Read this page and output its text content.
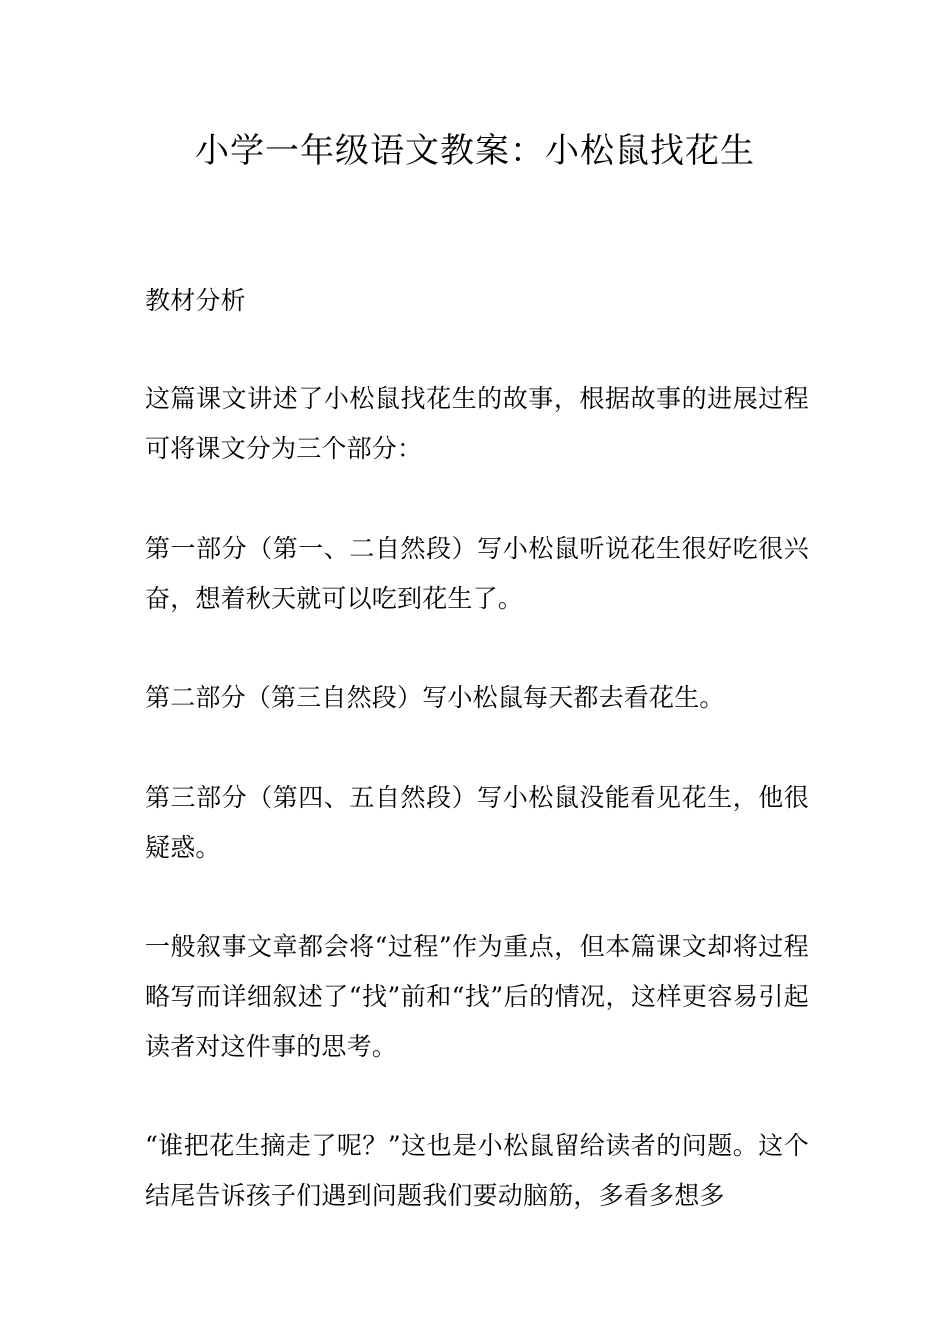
小学一年级语文教案：小松鼠找花生

教材分析

这篇课文讲述了小松鼠找花生的故事，根据故事的进展过程可将课文分为三个部分：

第一部分（第一、二自然段）写小松鼠听说花生很好吃很兴奋，想着秋天就可以吃到花生了。

第二部分（第三自然段）写小松鼠每天都去看花生。

第三部分（第四、五自然段）写小松鼠没能看见花生，他很疑惑。

一般叙事文章都会将“过程”作为重点，但本篇课文却将过程略写而详细叙述了“找”前和“找”后的情况，这样更容易引起读者对这件事的思考。

“谁把花生摘走了呢？”这也是小松鼠留给读者的问题。这个结尾告诉孩子们遇到问题我们要动脑筋，多看多想多
